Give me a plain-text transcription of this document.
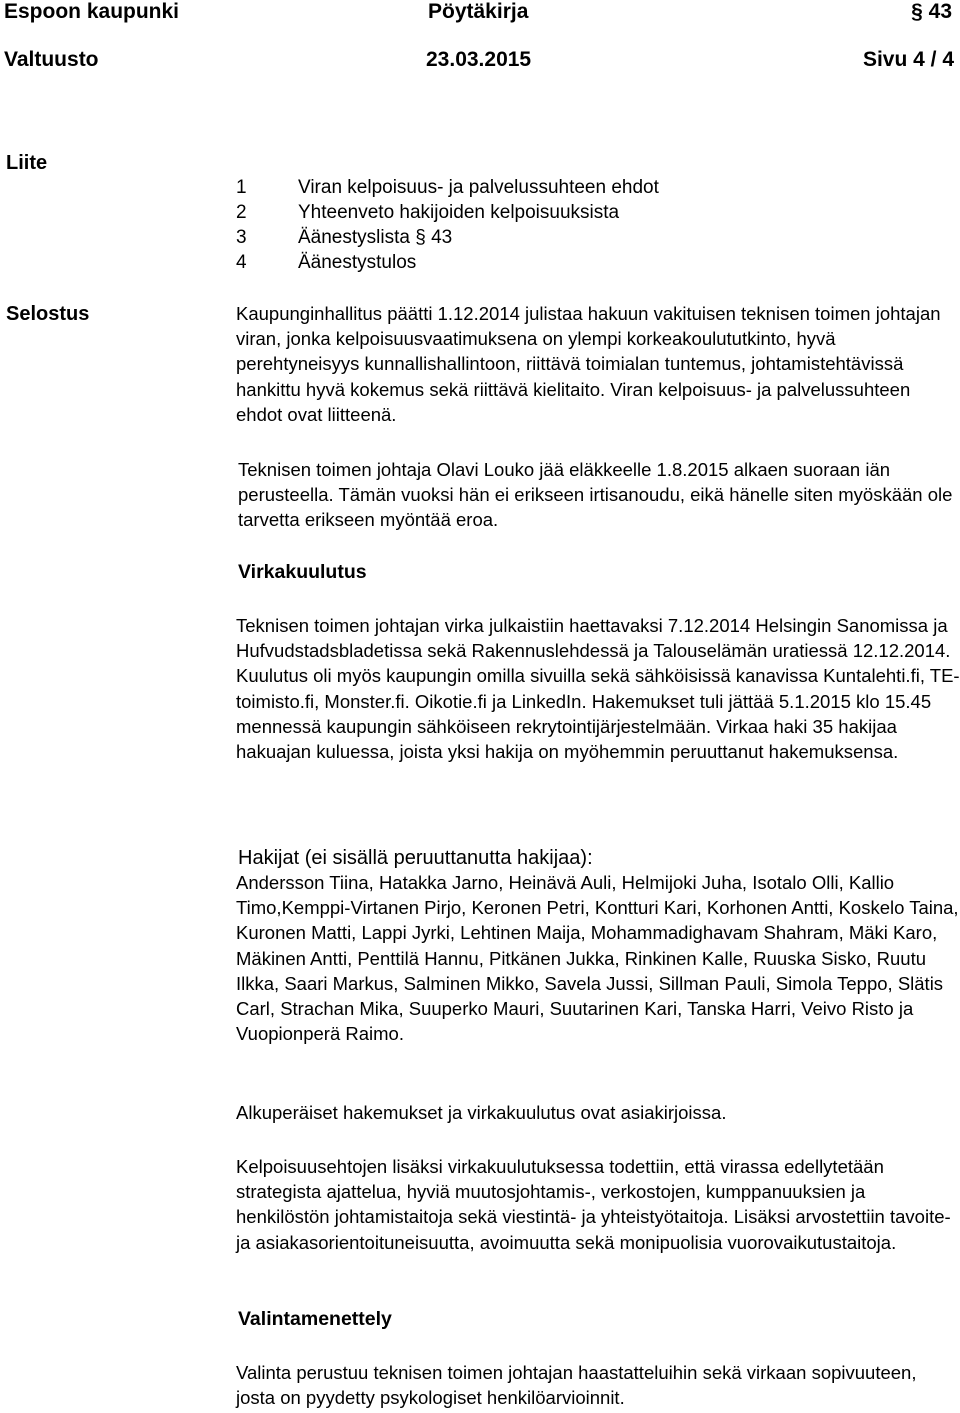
Espoon kaupunki	Pöytäkirja	§ 43
Valtuusto	23.03.2015	Sivu 4 / 4
Liite
1	Viran kelpoisuus- ja palvelussuhteen ehdot
2	Yhteenveto hakijoiden kelpoisuuksista
3	Äänestyslista § 43
4	Äänestystulos
Selostus	Kaupunginhallitus päätti 1.12.2014 julistaa hakuun vakituisen teknisen toimen johtajan viran, jonka kelpoisuusvaatimuksena on ylempi korkeakoulututkinto, hyvä perehtyneisyys kunnallishallintoon, riittävä toimialan tuntemus, johtamistehtävissä hankittu hyvä kokemus sekä riittävä kielitaito. Viran kelpoisuus- ja palvelussuhteen ehdot ovat liitteenä.

Teknisen toimen johtaja Olavi Louko jää eläkkeelle 1.8.2015 alkaen suoraan iän perusteella. Tämän vuoksi hän ei erikseen irtisanoudu, eikä hänelle siten myöskään ole tarvetta erikseen myöntää eroa.

Virkakuulutus

Teknisen toimen johtajan virka julkaistiin haettavaksi 7.12.2014 Helsingin Sanomissa ja Hufvudstadsbladetissa sekä Rakennuslehdessä ja Talouselämän uratiessä 12.12.2014. Kuulutus oli myös kaupungin omilla sivuilla sekä sähköisissä kanavissa Kuntalehti.fi, TE-toimisto.fi, Monster.fi. Oikotie.fi ja LinkedIn. Hakemukset tuli jättää 5.1.2015 klo 15.45 mennessä kaupungin sähköiseen rekrytointijärjestelmään. Virkaa haki 35 hakijaa hakuajan kuluessa, joista yksi hakija on myöhemmin peruuttanut hakemuksensa.

Hakijat (ei sisällä peruuttanutta hakijaa):

Andersson Tiina, Hatakka Jarno, Heinävä Auli, Helmijoki Juha, Isotalo Olli, Kallio Timo,Kemppi-Virtanen Pirjo, Keronen Petri, Kontturi Kari, Korhonen Antti, Koskelo Taina, Kuronen Matti, Lappi Jyrki, Lehtinen Maija, Mohammadighavam Shahram, Mäki Karo, Mäkinen Antti, Penttilä Hannu, Pitkänen Jukka, Rinkinen Kalle, Ruuska Sisko, Ruutu Ilkka, Saari Markus, Salminen Mikko, Savela Jussi, Sillman Pauli, Simola Teppo, Slätis Carl, Strachan Mika, Suuperko Mauri, Suutarinen Kari, Tanska Harri, Veivo Risto ja Vuopionperä Raimo.

Alkuperäiset hakemukset ja virkakuulutus ovat asiakirjoissa.

Kelpoisuusehtojen lisäksi virkakuulutuksessa todettiin, että virassa edellytetään strategista ajattelua, hyviä muutosjohtamis-, verkostojen, kumppanuuksien ja henkilöstön johtamistaitoja sekä viestintä- ja yhteistyötaitoja. Lisäksi arvostettiin tavoite- ja asiakasorientoituneisuutta, avoimuutta sekä monipuolisia vuorovaikutustaitoja.

Valintamenettely

Valinta perustuu teknisen toimen johtajan haastatteluihin sekä virkaan sopivuuteen, josta on pyydetty psykologiset henkilöarvioinnit.
